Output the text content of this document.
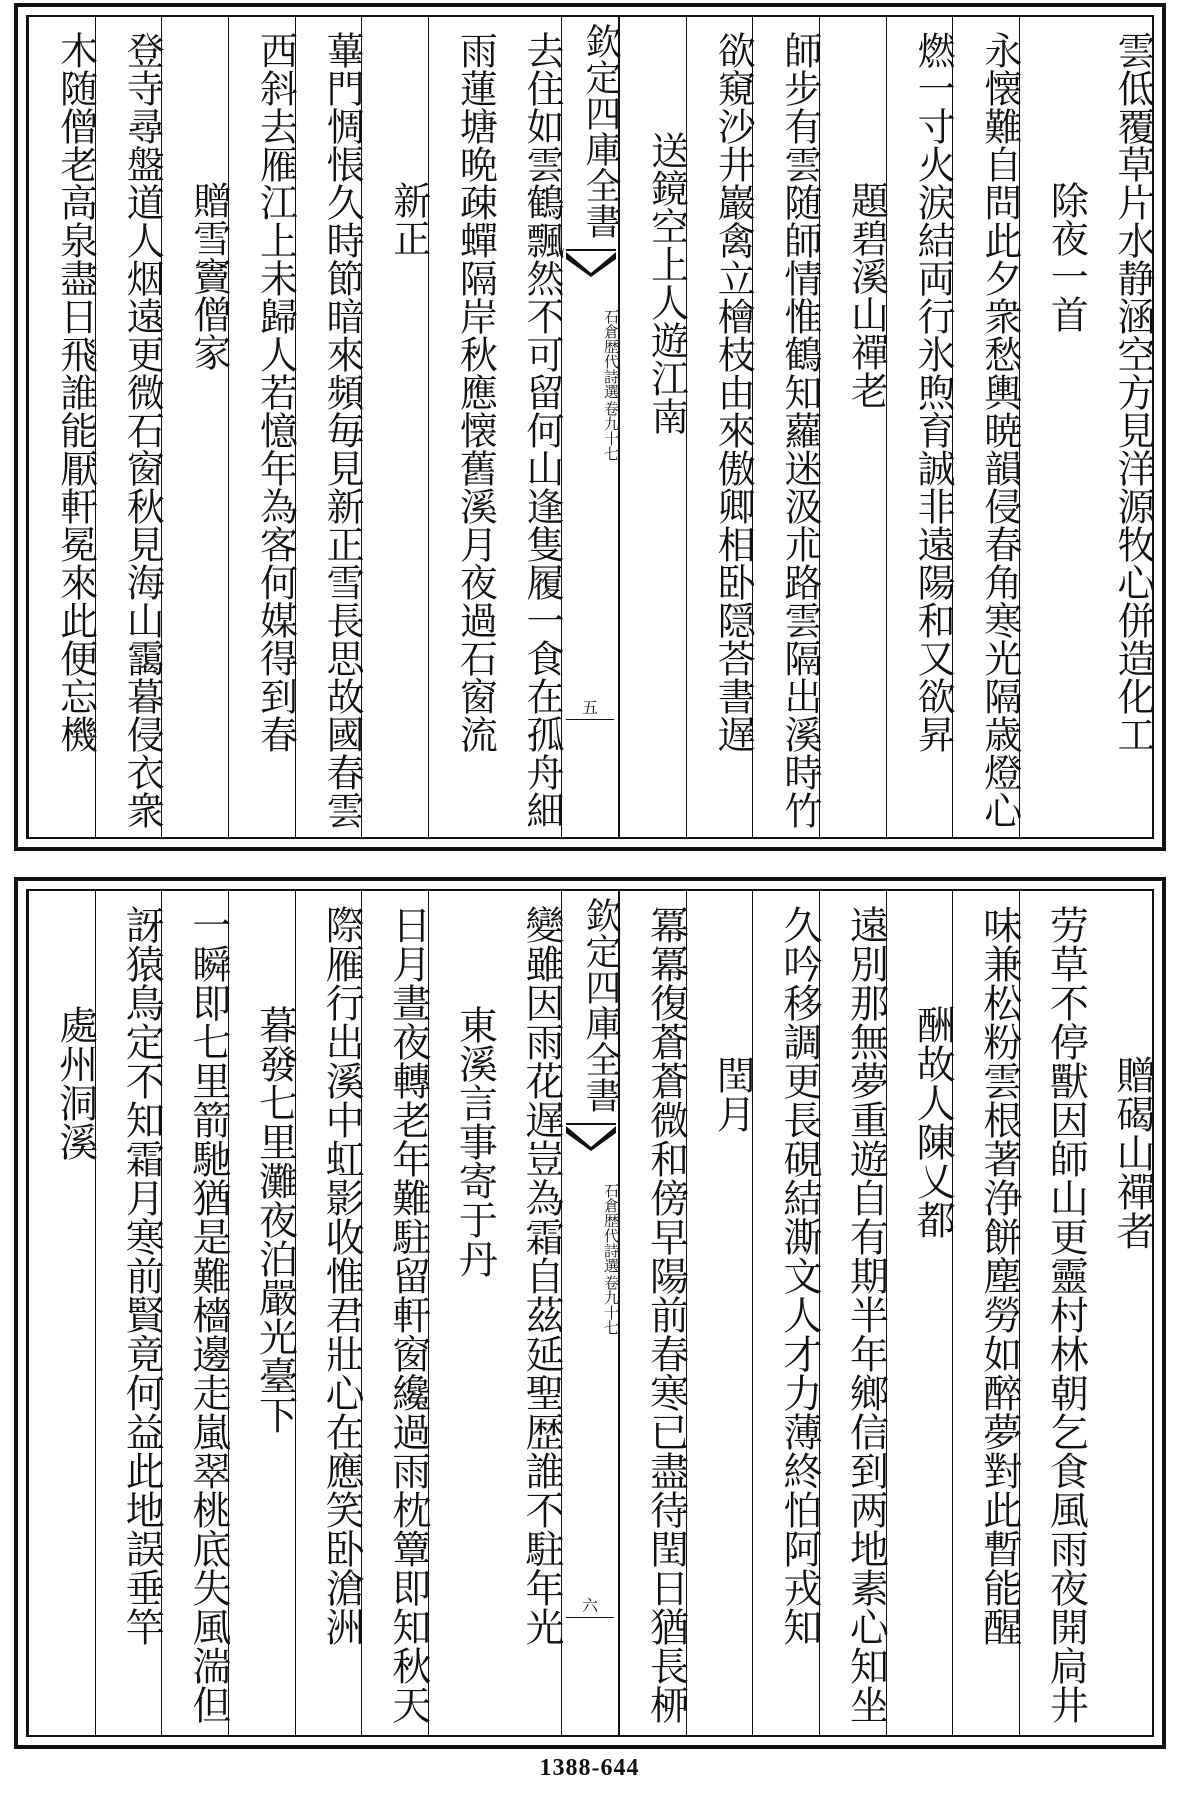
雲低覆草片水静涵空方見洋源牧心併造化工
除夜一首
永懐難自問此夕衆愁輿暁韻侵春角寒光隔歳燈心
燃一寸火涙結両行氷煦育誠非遠陽和又欲昇
題碧溪山禪老
師步有雲随師情惟鶴知蘿迷汲朮路雲隔出溪時竹
欲窺沙井巖禽立檜枝由來傲卿相卧隠荅書遅
送鏡空上人遊江南
欽定四庫全書
石倉歴代詩選
卷九十七
五
去住如雲鶴飄然不可留何山逢隻履一食在孤舟細
雨蓮塘晩疎蟬隔岸秋應懐舊溪月夜過石窗流
新正
蓽門惆悵久時節暗來頻毎見新正雪長思故國春雲
西斜去雁江上未歸人若憶年為客何媒得到春
贈雪竇僧家
登寺尋盤道人烟遠更微石窗秋見海山靄暮侵衣衆
木随僧老高泉盡日飛誰能厭軒冕來此便忘機
贈碣山禪者
劳草不停獸因師山更靈村林朝乞食風雨夜開扃井
味兼松粉雲根著浄餅塵勞如醉夢對此暫能醒
酬故人陳乂都
遠別那無夢重遊自有期半年鄉信到两地素心知坐
久吟移調更長硯結澌文人才力薄終怕阿戎知
閏月
冪冪復蒼蒼微和傍早陽前春寒已盡待閏日猶長桺
欽定四庫全書
石倉歴代詩選
卷九十七
六
變雖因雨花遅豈為霜自茲延聖歴誰不駐年光
東溪言事寄于丹
日月晝夜轉老年難駐留軒窗纔過雨枕簟即知秋天
際雁行出溪中虹影收惟君壯心在應笑卧滄洲
暮發七里灘夜泊嚴光臺下
一瞬即七里箭馳猶是難檣邊走嵐翠桃底失風湍但
訝猿鳥定不知霜月寒前賢竟何益此地誤垂竿
處州洞溪
1388-644
